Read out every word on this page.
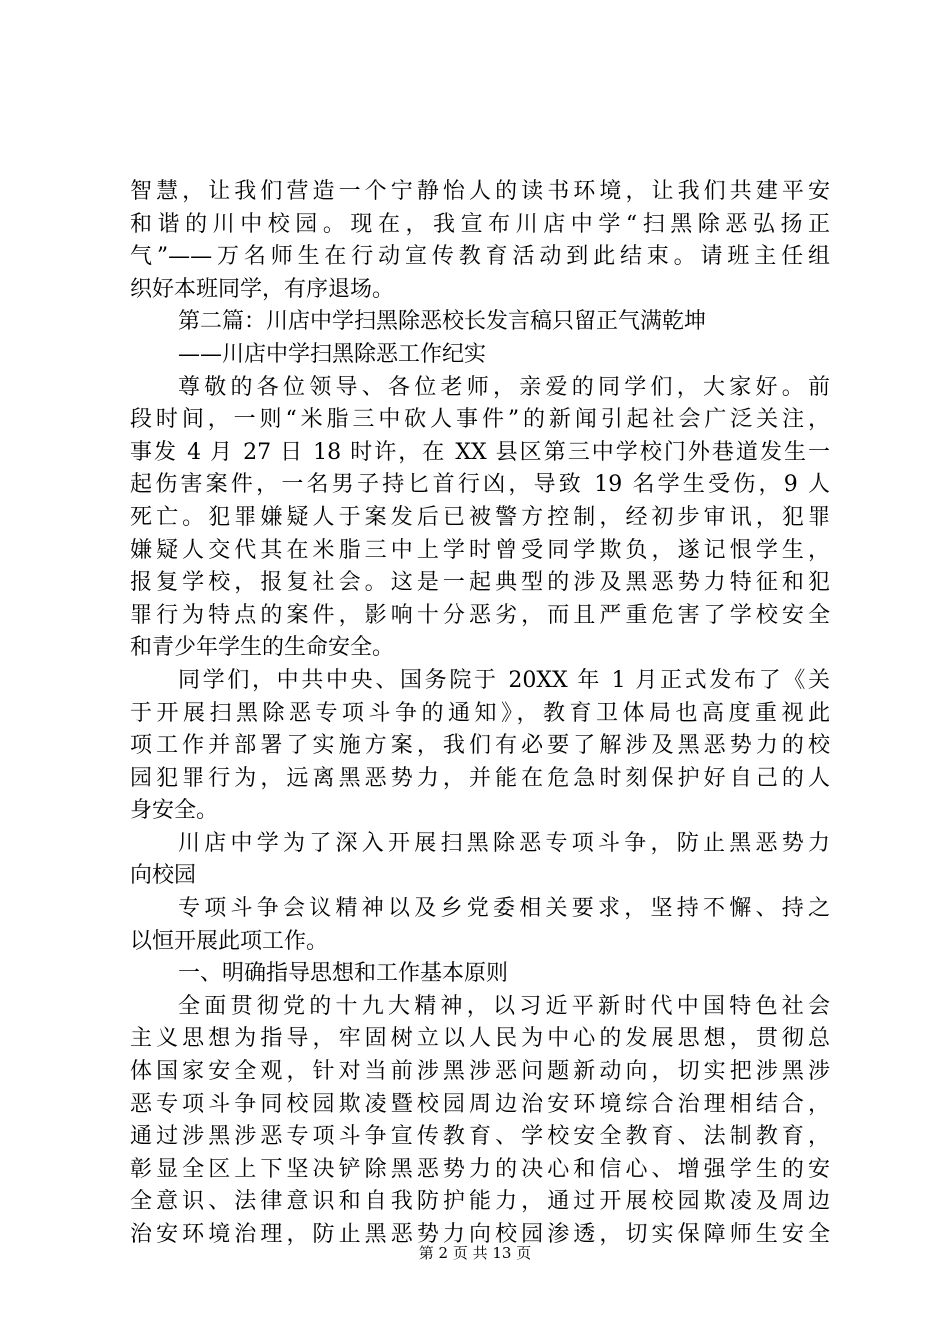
智慧，让我们营造一个宁静怡人的读书环境，让我们共建平安
和谐的川中校园。现在，我宣布川店中学“扫黑除恶弘扬正
气”——万名师生在行动宣传教育活动到此结束。请班主任组
织好本班同学，有序退场。
第二篇：川店中学扫黑除恶校长发言稿只留正气满乾坤
——川店中学扫黑除恶工作纪实
尊敬的各位领导、各位老师，亲爱的同学们，大家好。前
段时间，一则“米脂三中砍人事件”的新闻引起社会广泛关注，
事发 4 月 27 日 18 时许，在 XX 县区第三中学校门外巷道发生一
起伤害案件，一名男子持匕首行凶，导致 19 名学生受伤，9 人
死亡。犯罪嫌疑人于案发后已被警方控制，经初步审讯，犯罪
嫌疑人交代其在米脂三中上学时曾受同学欺负，遂记恨学生，
报复学校，报复社会。这是一起典型的涉及黑恶势力特征和犯
罪行为特点的案件，影响十分恶劣，而且严重危害了学校安全
和青少年学生的生命安全。
同学们，中共中央、国务院于 20XX 年 1 月正式发布了《关
于开展扫黑除恶专项斗争的通知》，教育卫体局也高度重视此
项工作并部署了实施方案，我们有必要了解涉及黑恶势力的校
园犯罪行为，远离黑恶势力，并能在危急时刻保护好自己的人
身安全。
川店中学为了深入开展扫黑除恶专项斗争，防止黑恶势力
向校园
专项斗争会议精神以及乡党委相关要求，坚持不懈、持之
以恒开展此项工作。
一、明确指导思想和工作基本原则
全面贯彻党的十九大精神，以习近平新时代中国特色社会
主义思想为指导，牢固树立以人民为中心的发展思想，贯彻总
体国家安全观，针对当前涉黑涉恶问题新动向，切实把涉黑涉
恶专项斗争同校园欺凌暨校园周边治安环境综合治理相结合，
通过涉黑涉恶专项斗争宣传教育、学校安全教育、法制教育，
彰显全区上下坚决铲除黑恶势力的决心和信心、增强学生的安
全意识、法律意识和自我防护能力，通过开展校园欺凌及周边
治安环境治理，防止黑恶势力向校园渗透，切实保障师生安全
第 2 页 共 13 页
